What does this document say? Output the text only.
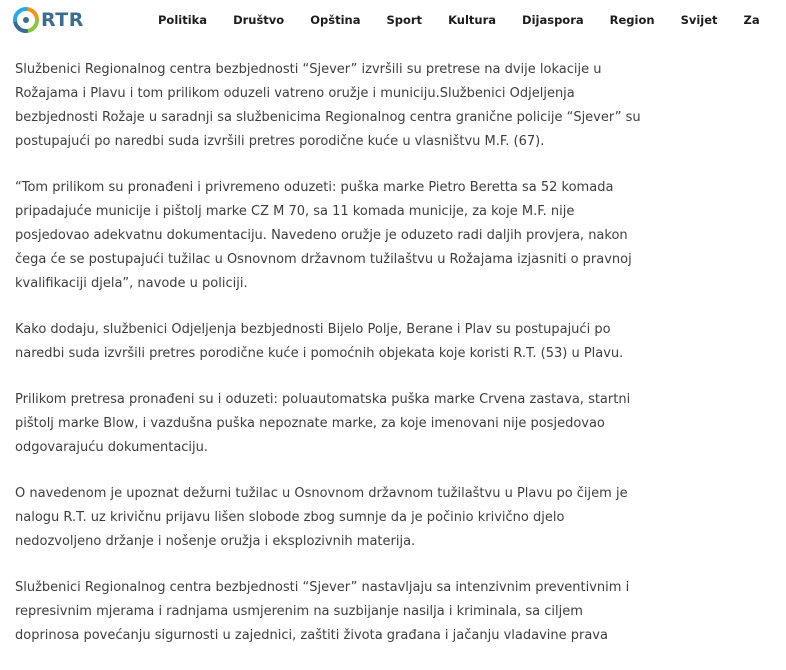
RTR	Politika Društvo Opština Sport Kultura Dijaspora Region Svijet Za

Službenici Regionalnog centra bezbjednosti “Sjever” izvršili su pretrese na dvije lokacije u Rožajama i Plavu i tom prilikom oduzeli vatreno oružje i municiju.Službenici Odjeljenja bezbjednosti Rožaje u saradnji sa službenicima Regionalnog centra granične policije “Sjever” su postupajući po naredbi suda izvršili pretres porodične kuće u vlasništvu M.F. (67).

“Tom prilikom su pronađeni i privremeno oduzeti: puška marke Pietro Beretta sa 52 komada pripadajuće municije i pištolj marke CZ M 70, sa 11 komada municije, za koje M.F. nije posjedovao adekvatnu dokumentaciju. Navedeno oružje je oduzeto radi daljih provjera, nakon čega će se postupajući tužilac u Osnovnom državnom tužilaštvu u Rožajama izjasniti o pravnoj kvalifikaciji djela”, navode u policiji.

Kako dodaju, službenici Odjeljenja bezbjednosti Bijelo Polje, Berane i Plav su postupajući po naredbi suda izvršili pretres porodične kuće i pomoćnih objekata koje koristi R.T. (53) u Plavu.

Prilikom pretresa pronađeni su i oduzeti: poluautomatska puška marke Crvena zastava, startni pištolj marke Blow, i vazdušna puška nepoznate marke, za koje imenovani nije posjedovao odgovarajuću dokumentaciju.

O navedenom je upoznat dežurni tužilac u Osnovnom državnom tužilaštvu u Plavu po čijem je nalogu R.T. uz krivičnu prijavu lišen slobode zbog sumnje da je počinio krivično djelo nedozvoljeno držanje i nošenje oružja i eksplozivnih materija.

Službenici Regionalnog centra bezbjednosti “Sjever” nastavljaju sa intenzivnim preventivnim i represivnim mjerama i radnjama usmjerenim na suzbijanje nasilja i kriminala, sa ciljem doprinosa povećanju sigurnosti u zajednici, zaštiti života građana i jačanju vladavine prava
